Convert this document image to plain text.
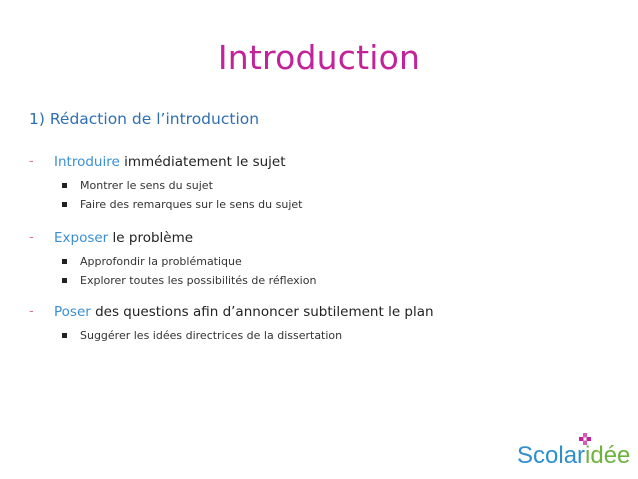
Introduction
1) Rédaction de l’introduction
- Introduire immédiatement le sujet
Montrer le sens du sujet
Faire des remarques sur le sens du sujet
- Exposer le problème
Approfondir la problématique
Explorer toutes les possibilités de réflexion
- Poser des questions afin d’annoncer subtilement le plan
Suggérer les idées directrices de la dissertation
Scolaridée
